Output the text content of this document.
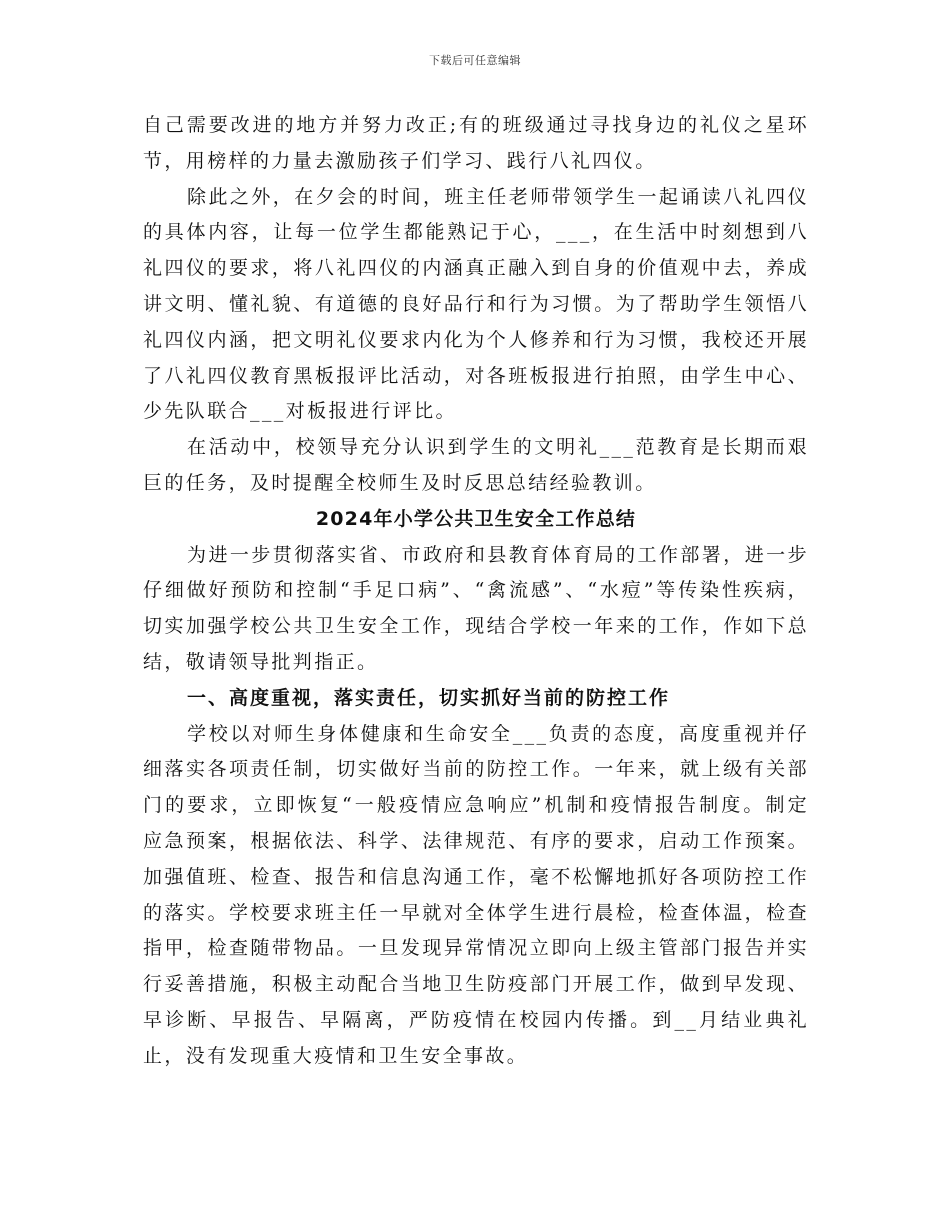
下载后可任意编辑

自己需要改进的地方并努力改正;有的班级通过寻找身边的礼仪之星环节，用榜样的力量去激励孩子们学习、践行八礼四仪。

除此之外，在夕会的时间，班主任老师带领学生一起诵读八礼四仪的具体内容，让每一位学生都能熟记于心，___，在生活中时刻想到八礼四仪的要求，将八礼四仪的内涵真正融入到自身的价值观中去，养成讲文明、懂礼貌、有道德的良好品行和行为习惯。为了帮助学生领悟八礼四仪内涵，把文明礼仪要求内化为个人修养和行为习惯，我校还开展了八礼四仪教育黑板报评比活动，对各班板报进行拍照，由学生中心、少先队联合___对板报进行评比。

在活动中，校领导充分认识到学生的文明礼___范教育是长期而艰巨的任务，及时提醒全校师生及时反思总结经验教训。

2024年小学公共卫生安全工作总结

为进一步贯彻落实省、市政府和县教育体育局的工作部署，进一步仔细做好预防和控制“手足口病”、“禽流感”、“水痘”等传染性疾病，切实加强学校公共卫生安全工作，现结合学校一年来的工作，作如下总结，敬请领导批判指正。

一、高度重视，落实责任，切实抓好当前的防控工作

学校以对师生身体健康和生命安全___负责的态度，高度重视并仔细落实各项责任制，切实做好当前的防控工作。一年来，就上级有关部门的要求，立即恢复“一般疫情应急响应”机制和疫情报告制度。制定应急预案，根据依法、科学、法律规范、有序的要求，启动工作预案。加强值班、检查、报告和信息沟通工作，毫不松懈地抓好各项防控工作的落实。学校要求班主任一早就对全体学生进行晨检，检查体温，检查指甲，检查随带物品。一旦发现异常情况立即向上级主管部门报告并实行妥善措施，积极主动配合当地卫生防疫部门开展工作，做到早发现、早诊断、早报告、早隔离，严防疫情在校园内传播。到__月结业典礼止，没有发现重大疫情和卫生安全事故。
